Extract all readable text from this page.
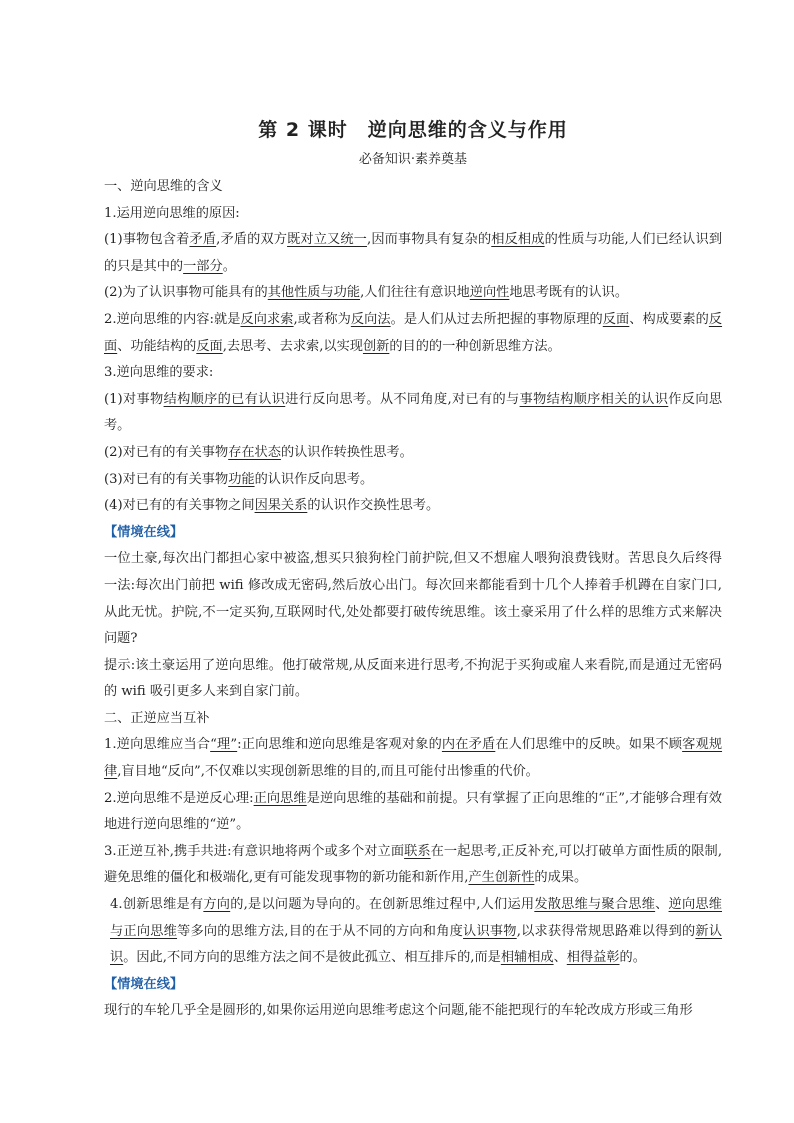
第 2 课时　逆向思维的含义与作用
必备知识·素养奠基

一、逆向思维的含义

1.运用逆向思维的原因:

(1)事物包含着矛盾,矛盾的双方既对立又统一,因而事物具有复杂的相反相成的性质与功能,人们已经认识到的只是其中的一部分。

(2)为了认识事物可能具有的其他性质与功能,人们往往有意识地逆向性地思考既有的认识。

2.逆向思维的内容:就是反向求索,或者称为反向法。是人们从过去所把握的事物原理的反面、构成要素的反面、功能结构的反面,去思考、去求索,以实现创新的目的的一种创新思维方法。

3.逆向思维的要求:

(1)对事物结构顺序的已有认识进行反向思考。从不同角度,对已有的与事物结构顺序相关的认识作反向思考。

(2)对已有的有关事物存在状态的认识作转换性思考。

(3)对已有的有关事物功能的认识作反向思考。

(4)对已有的有关事物之间因果关系的认识作交换性思考。

【情境在线】

一位土豪,每次出门都担心家中被盗,想买只狼狗栓门前护院,但又不想雇人喂狗浪费钱财。苦思良久后终得一法:每次出门前把 wifi 修改成无密码,然后放心出门。每次回来都能看到十几个人捧着手机蹲在自家门口,从此无忧。护院,不一定买狗,互联网时代,处处都要打破传统思维。该土豪采用了什么样的思维方式来解决问题?

提示:该土豪运用了逆向思维。他打破常规,从反面来进行思考,不拘泥于买狗或雇人来看院,而是通过无密码的 wifi 吸引更多人来到自家门前。

二、正逆应当互补

1.逆向思维应当合“理”:正向思维和逆向思维是客观对象的内在矛盾在人们思维中的反映。如果不顾客观规律,盲目地“反向”,不仅难以实现创新思维的目的,而且可能付出惨重的代价。

2.逆向思维不是逆反心理:正向思维是逆向思维的基础和前提。只有掌握了正向思维的“正”,才能够合理有效地进行逆向思维的“逆”。

3.正逆互补,携手共进:有意识地将两个或多个对立面联系在一起思考,正反补充,可以打破单方面性质的限制,避免思维的僵化和极端化,更有可能发现事物的新功能和新作用,产生创新性的成果。

4.创新思维是有方向的,是以问题为导向的。在创新思维过程中,人们运用发散思维与聚合思维、逆向思维与正向思维等多向的思维方法,目的在于从不同的方向和角度认识事物,以求获得常规思路难以得到的新认识。因此,不同方向的思维方法之间不是彼此孤立、相互排斥的,而是相辅相成、相得益彰的。

【情境在线】

现行的车轮几乎全是圆形的,如果你运用逆向思维考虑这个问题,能不能把现行的车轮改成方形或三角形
